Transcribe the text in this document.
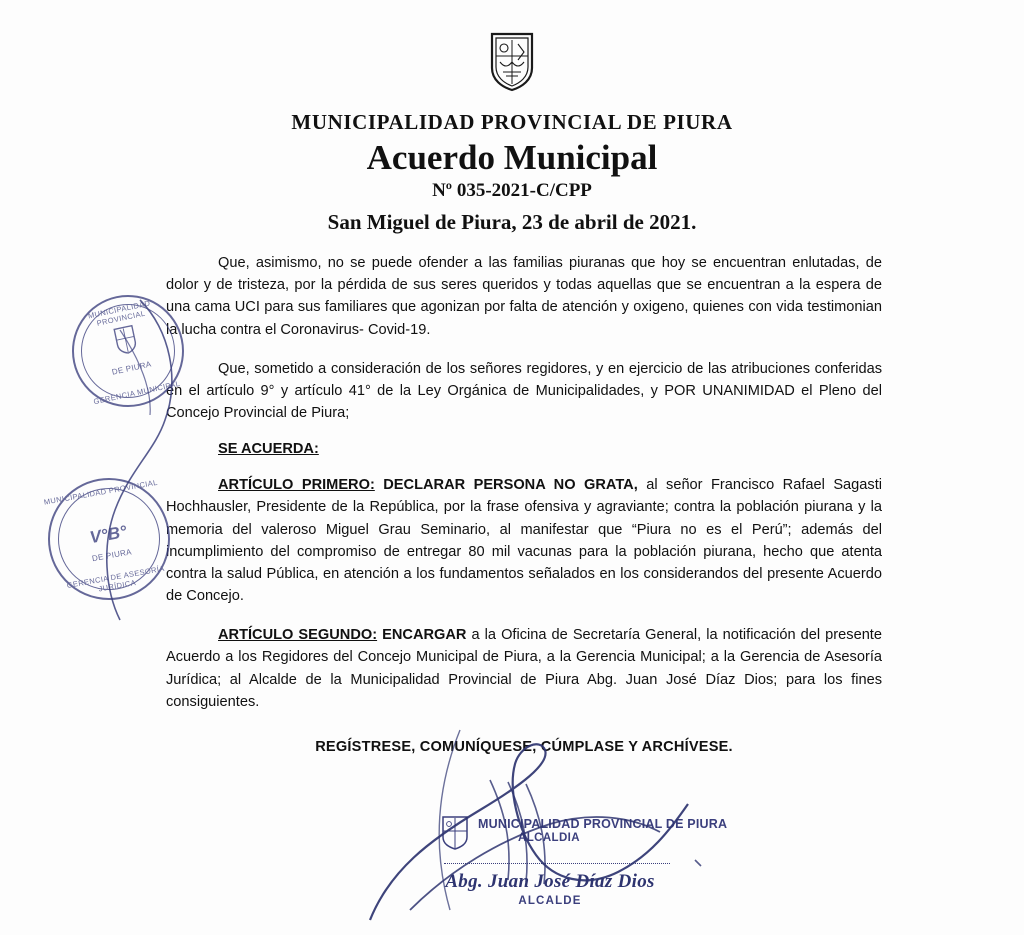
MUNICIPALIDAD PROVINCIAL DE PIURA
Acuerdo Municipal
Nº 035-2021-C/CPP
San Miguel de Piura, 23 de abril de 2021.

Que, asimismo, no se puede ofender a las familias piuranas que hoy se encuentran enlutadas, de dolor y de tristeza, por la pérdida de sus seres queridos y todas aquellas que se encuentran a la espera de una cama UCI para sus familiares que agonizan por falta de atención y oxigeno, quienes con vida testimonian la lucha contra el Coronavirus- Covid-19.

Que, sometido a consideración de los señores regidores, y en ejercicio de las atribuciones conferidas en el artículo 9° y artículo 41° de la Ley Orgánica de Municipalidades, y POR UNANIMIDAD el Pleno del Concejo Provincial de Piura;

SE ACUERDA:

ARTÍCULO PRIMERO: DECLARAR PERSONA NO GRATA, al señor Francisco Rafael Sagasti Hochhausler, Presidente de la República, por la frase ofensiva y agraviante; contra la población piurana y la memoria del valeroso Miguel Grau Seminario, al manifestar que “Piura no es el Perú”; además del incumplimiento del compromiso de entregar 80 mil vacunas para la población piurana, hecho que atenta contra la salud Pública, en atención a los fundamentos señalados en los considerandos del presente Acuerdo de Concejo.

ARTÍCULO SEGUNDO: ENCARGAR a la Oficina de Secretaría General, la notificación del presente Acuerdo a los Regidores del Concejo Municipal de Piura, a la Gerencia Municipal; a la Gerencia de Asesoría Jurídica; al Alcalde de la Municipalidad Provincial de Piura Abg. Juan José Díaz Dios; para los fines consiguientes.

REGÍSTRESE, COMUNÍQUESE, CÚMPLASE Y ARCHÍVESE.

MUNICIPALIDAD PROVINCIAL
GERENCIA MUNICIPAL
DE PIURA
MUNICIPALIDAD PROVINCIAL
GERENCIA DE ASESORÍA JURÍDICA
V°B°
DE PIURA
MUNICIPALIDAD PROVINCIAL DE PIURA
ALCALDIA
Abg. Juan José Díaz Dios
ALCALDE
